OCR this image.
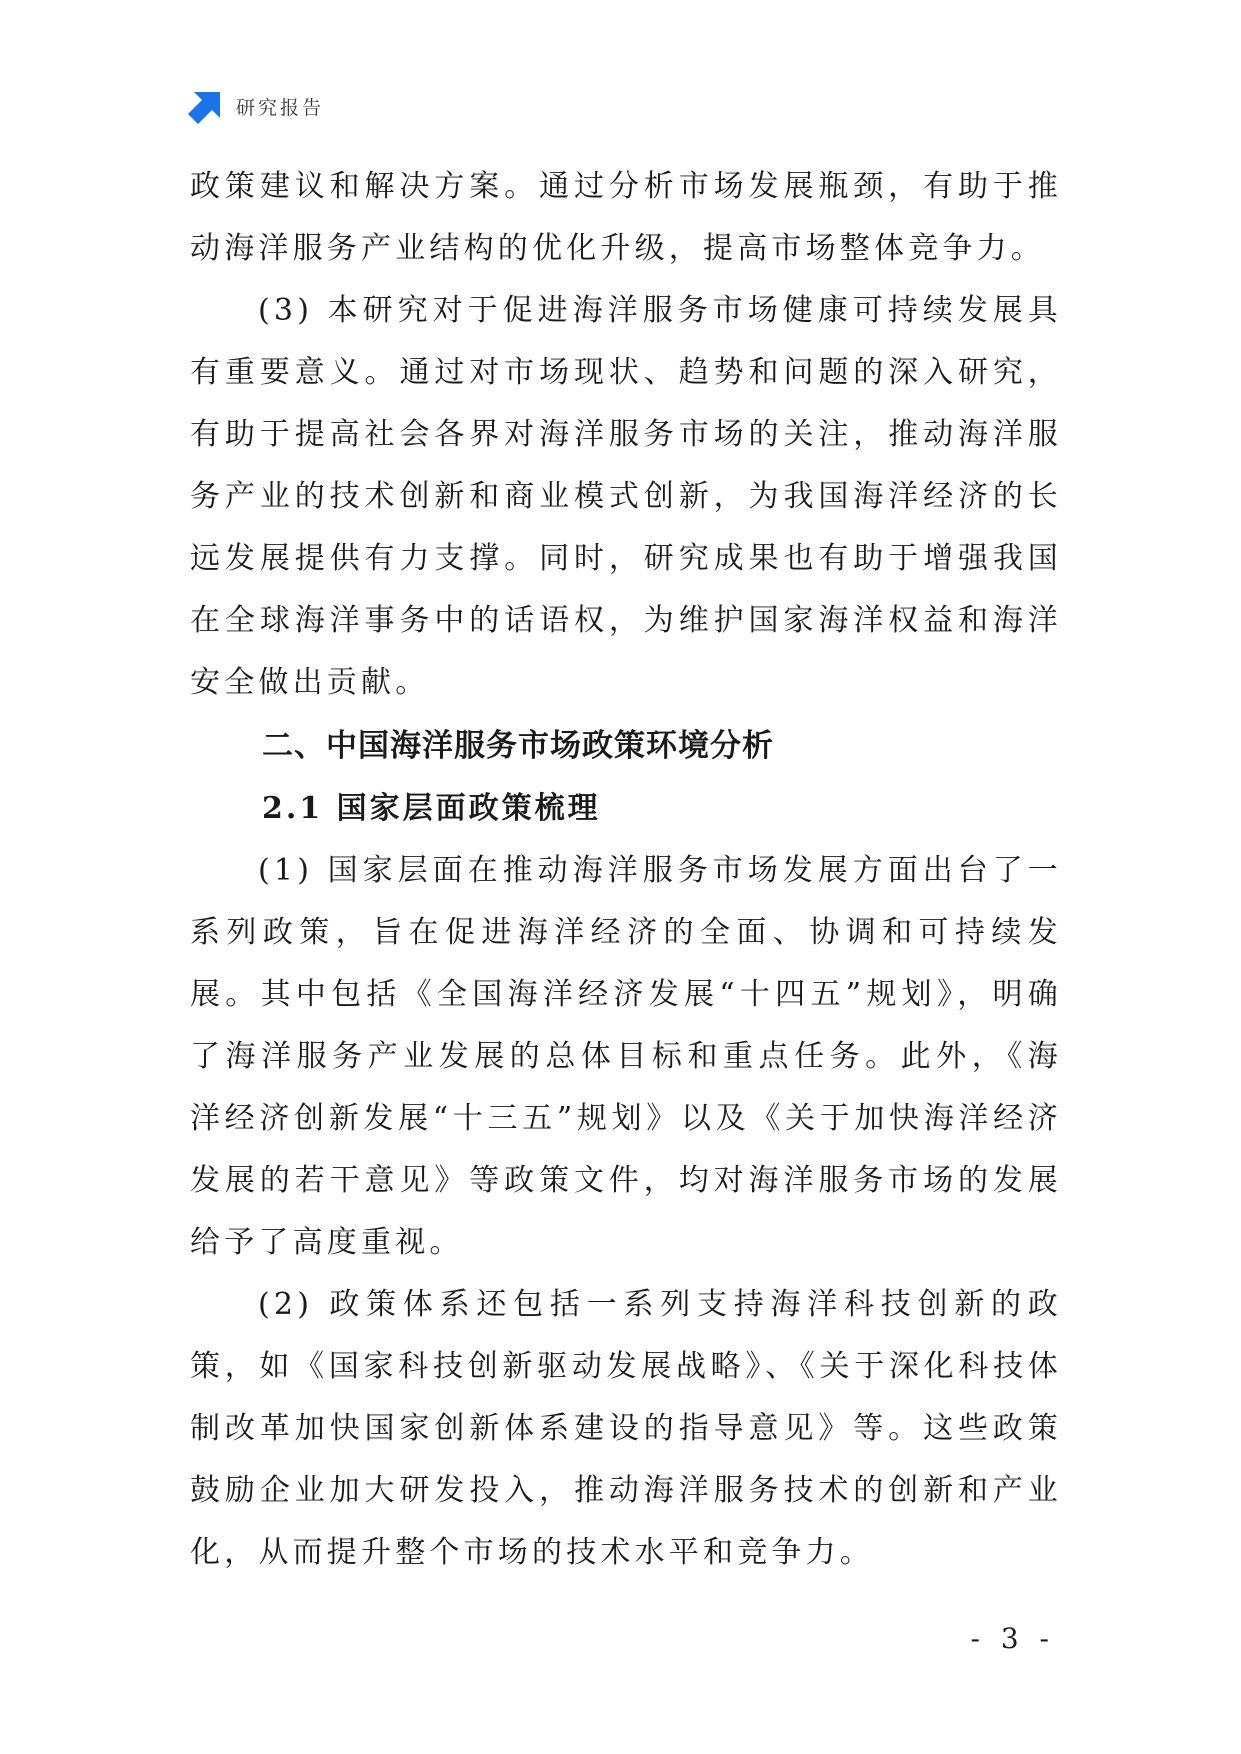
研究报告

政策建议和解决方案。通过分析市场发展瓶颈，有助于推动海洋服务产业结构的优化升级，提高市场整体竞争力。

(3) 本研究对于促进海洋服务市场健康可持续发展具有重要意义。通过对市场现状、趋势和问题的深入研究，有助于提高社会各界对海洋服务市场的关注，推动海洋服务产业的技术创新和商业模式创新，为我国海洋经济的长远发展提供有力支撑。同时，研究成果也有助于增强我国在全球海洋事务中的话语权，为维护国家海洋权益和海洋安全做出贡献。

二、中国海洋服务市场政策环境分析
2.1 国家层面政策梳理

(1) 国家层面在推动海洋服务市场发展方面出台了一系列政策，旨在促进海洋经济的全面、协调和可持续发展。其中包括《全国海洋经济发展“十四五”规划》，明确了海洋服务产业发展的总体目标和重点任务。此外，《海洋经济创新发展“十三五”规划》以及《关于加快海洋经济发展的若干意见》等政策文件，均对海洋服务市场的发展给予了高度重视。

(2) 政策体系还包括一系列支持海洋科技创新的政策，如《国家科技创新驱动发展战略》、《关于深化科技体制改革加快国家创新体系建设的指导意见》等。这些政策鼓励企业加大研发投入，推动海洋服务技术的创新和产业化，从而提升整个市场的技术水平和竞争力。

- 3 -
